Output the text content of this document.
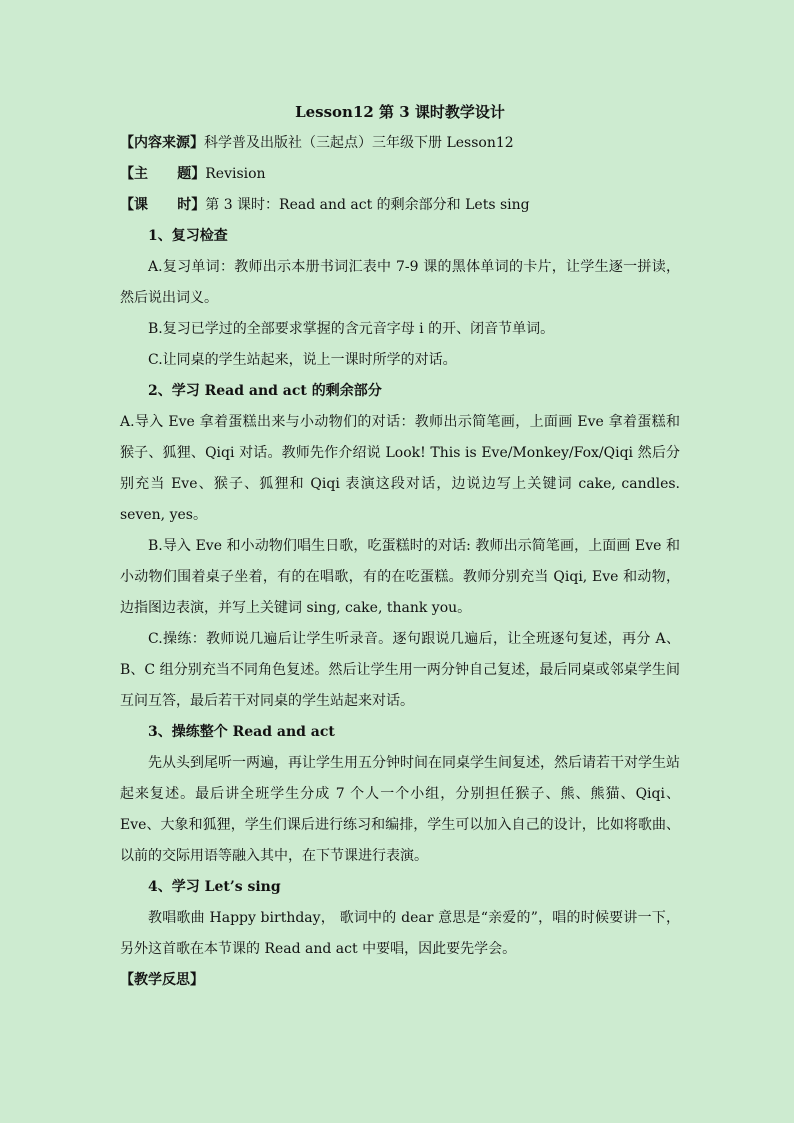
Lesson12 第 3 课时教学设计

【内容来源】科学普及出版社（三起点）三年级下册 Lesson12

【主      题】Revision

【课      时】第 3 课时：Read and act 的剩余部分和 Lets sing

1、复习检查

A.复习单词：教师出示本册书词汇表中 7-9 课的黑体单词的卡片，让学生逐一拼读，然后说出词义。

B.复习已学过的全部要求掌握的含元音字母 i 的开、闭音节单词。

C.让同桌的学生站起来，说上一课时所学的对话。

2、学习 Read and act 的剩余部分

A.导入 Eve 拿着蛋糕出来与小动物们的对话：教师出示简笔画，上面画 Eve 拿着蛋糕和猴子、狐狸、Qiqi 对话。教师先作介绍说 Look! This is Eve/Monkey/Fox/Qiqi 然后分别充当 Eve、猴子、狐狸和 Qiqi 表演这段对话，边说边写上关键词 cake, candles. seven, yes。

B.导入 Eve 和小动物们唱生日歌，吃蛋糕时的对话: 教师出示简笔画，上面画 Eve 和小动物们围着桌子坐着，有的在唱歌，有的在吃蛋糕。教师分别充当 Qiqi, Eve 和动物，边指图边表演，并写上关键词 sing, cake, thank you。

C.操练：教师说几遍后让学生听录音。逐句跟说几遍后，让全班逐句复述，再分 A、B、C 组分别充当不同角色复述。然后让学生用一两分钟自己复述，最后同桌或邻桌学生间互问互答，最后若干对同桌的学生站起来对话。

3、操练整个 Read and act

先从头到尾听一两遍，再让学生用五分钟时间在同桌学生间复述，然后请若干对学生站起来复述。最后讲全班学生分成 7 个人一个小组，分别担任猴子、熊、熊猫、Qiqi、Eve、大象和狐狸，学生们课后进行练习和编排，学生可以加入自己的设计，比如将歌曲、以前的交际用语等融入其中，在下节课进行表演。

4、学习 Let’s sing

教唱歌曲 Happy birthday， 歌词中的 dear 意思是“亲爱的”，唱的时候要讲一下，另外这首歌在本节课的 Read and act 中要唱，因此要先学会。

【教学反思】
